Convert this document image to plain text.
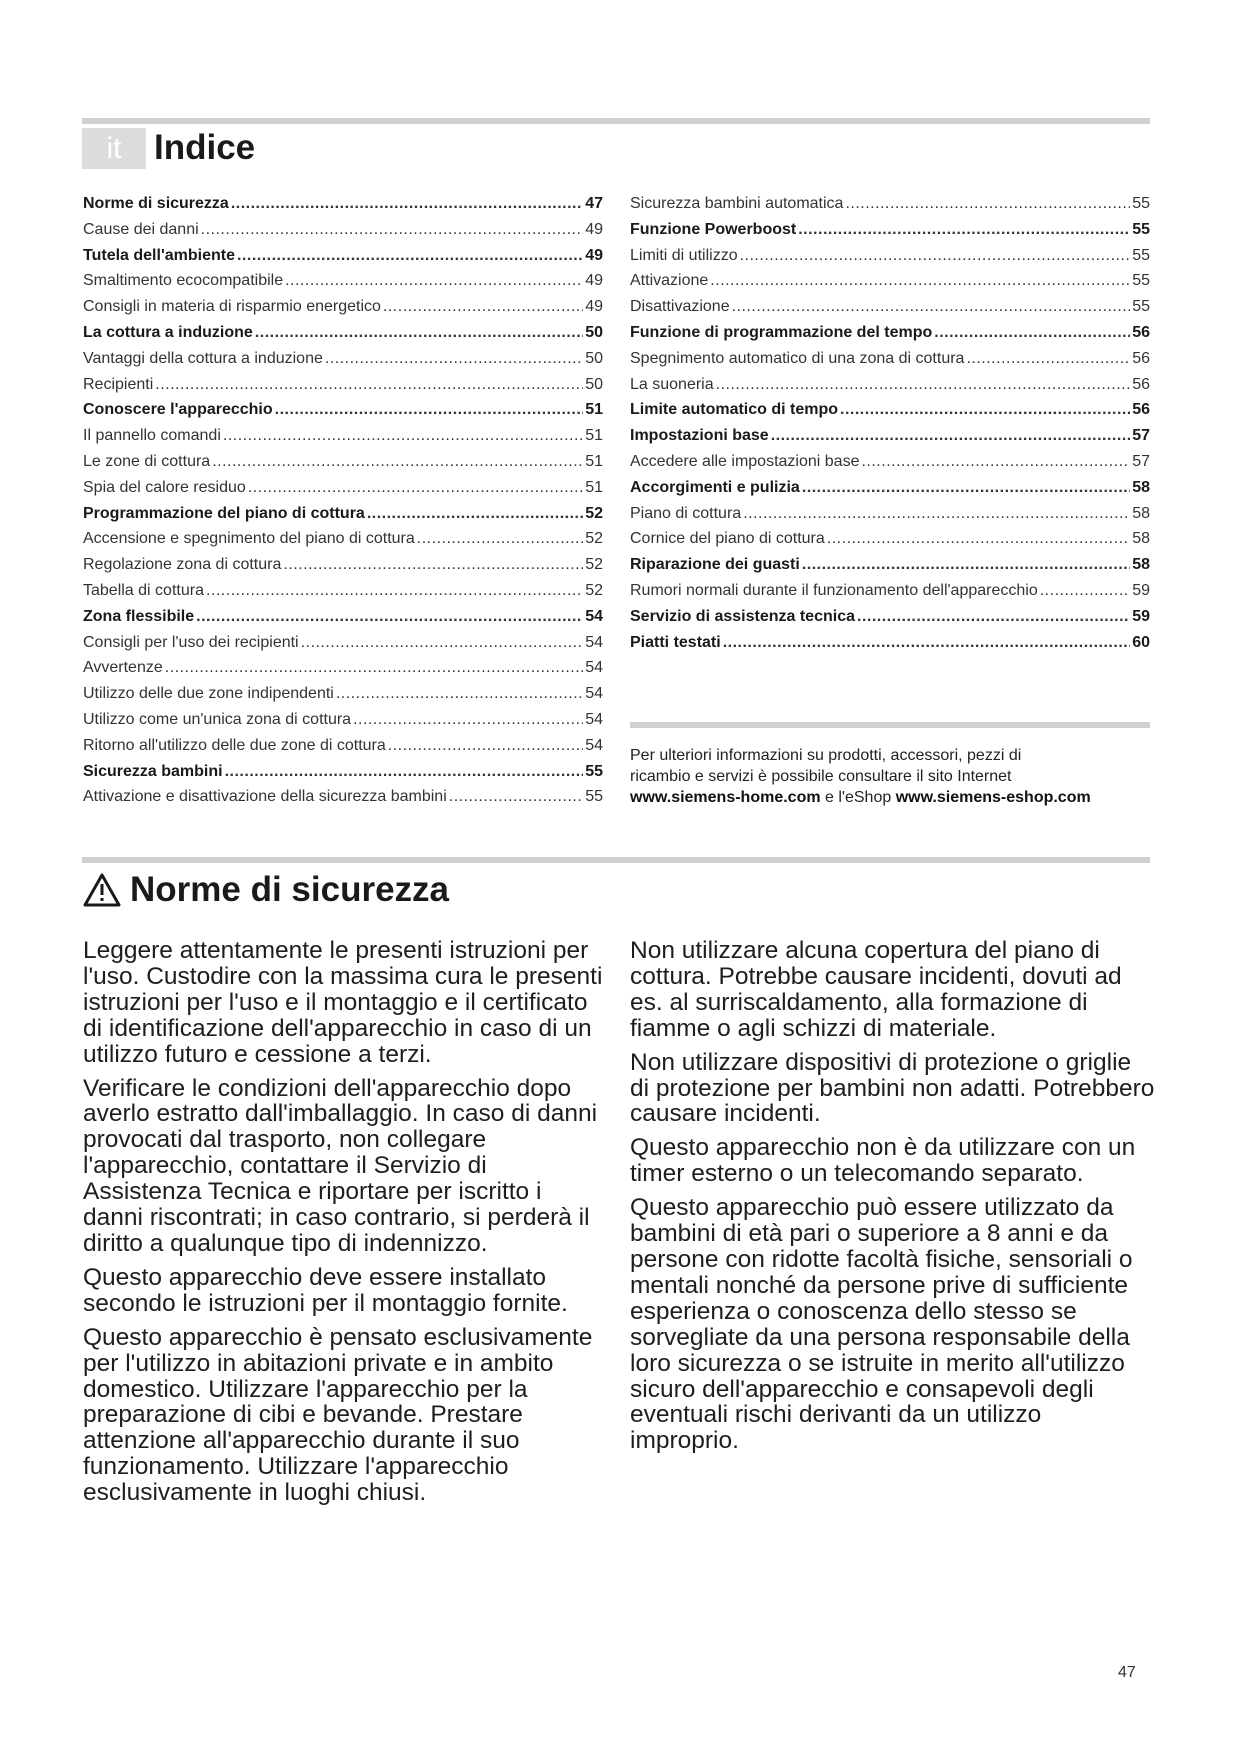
it Indice
Norme di sicurezza .....	47
Cause dei danni .....	49
Tutela dell'ambiente .....	49
Smaltimento ecocompatibile .....	49
Consigli in materia di risparmio energetico .....	49
La cottura a induzione .....	50
Vantaggi della cottura a induzione .....	50
Recipienti .....	50
Conoscere l'apparecchio .....	51
Il pannello comandi .....	51
Le zone di cottura .....	51
Spia del calore residuo .....	51
Programmazione del piano di cottura .....	52
Accensione e spegnimento del piano di cottura .....	52
Regolazione zona di cottura .....	52
Tabella di cottura .....	52
Zona flessibile .....	54
Consigli per l'uso dei recipienti .....	54
Avvertenze .....	54
Utilizzo delle due zone indipendenti .....	54
Utilizzo come un'unica zona di cottura .....	54
Ritorno all'utilizzo delle due zone di cottura .....	54
Sicurezza bambini .....	55
Attivazione e disattivazione della sicurezza bambini .....	55
Sicurezza bambini automatica .....	55
Funzione Powerboost .....	55
Limiti di utilizzo .....	55
Attivazione .....	55
Disattivazione .....	55
Funzione di programmazione del tempo .....	56
Spegnimento automatico di una zona di cottura .....	56
La suoneria .....	56
Limite automatico di tempo .....	56
Impostazioni base .....	57
Accedere alle impostazioni base .....	57
Accorgimenti e pulizia .....	58
Piano di cottura .....	58
Cornice del piano di cottura .....	58
Riparazione dei guasti .....	58
Rumori normali durante il funzionamento dell'apparecchio .....	59
Servizio di assistenza tecnica .....	59
Piatti testati .....	60
Per ulteriori informazioni su prodotti, accessori, pezzi di
ricambio e servizi è possibile consultare il sito Internet
www.siemens-home.com e l'eShop www.siemens-eshop.com
Norme di sicurezza

Leggere attentamente le presenti istruzioni per l'uso. Custodire con la massima cura le presenti istruzioni per l'uso e il montaggio e il certificato di identificazione dell'apparecchio in caso di un utilizzo futuro e cessione a terzi.

Verificare le condizioni dell'apparecchio dopo averlo estratto dall'imballaggio. In caso di danni provocati dal trasporto, non collegare l'apparecchio, contattare il Servizio di Assistenza Tecnica e riportare per iscritto i danni riscontrati; in caso contrario, si perderà il diritto a qualunque tipo di indennizzo.

Questo apparecchio deve essere installato secondo le istruzioni per il montaggio fornite.

Questo apparecchio è pensato esclusivamente per l'utilizzo in abitazioni private e in ambito domestico. Utilizzare l'apparecchio per la preparazione di cibi e bevande. Prestare attenzione all'apparecchio durante il suo funzionamento. Utilizzare l'apparecchio esclusivamente in luoghi chiusi.

Non utilizzare alcuna copertura del piano di cottura. Potrebbe causare incidenti, dovuti ad es. al surriscaldamento, alla formazione di fiamme o agli schizzi di materiale.

Non utilizzare dispositivi di protezione o griglie di protezione per bambini non adatti. Potrebbero causare incidenti.

Questo apparecchio non è da utilizzare con un timer esterno o un telecomando separato.

Questo apparecchio può essere utilizzato da bambini di età pari o superiore a 8 anni e da persone con ridotte facoltà fisiche, sensoriali o mentali nonché da persone prive di sufficiente esperienza o conoscenza dello stesso se sorvegliate da una persona responsabile della loro sicurezza o se istruite in merito all'utilizzo sicuro dell'apparecchio e consapevoli degli eventuali rischi derivanti da un utilizzo improprio.

47
